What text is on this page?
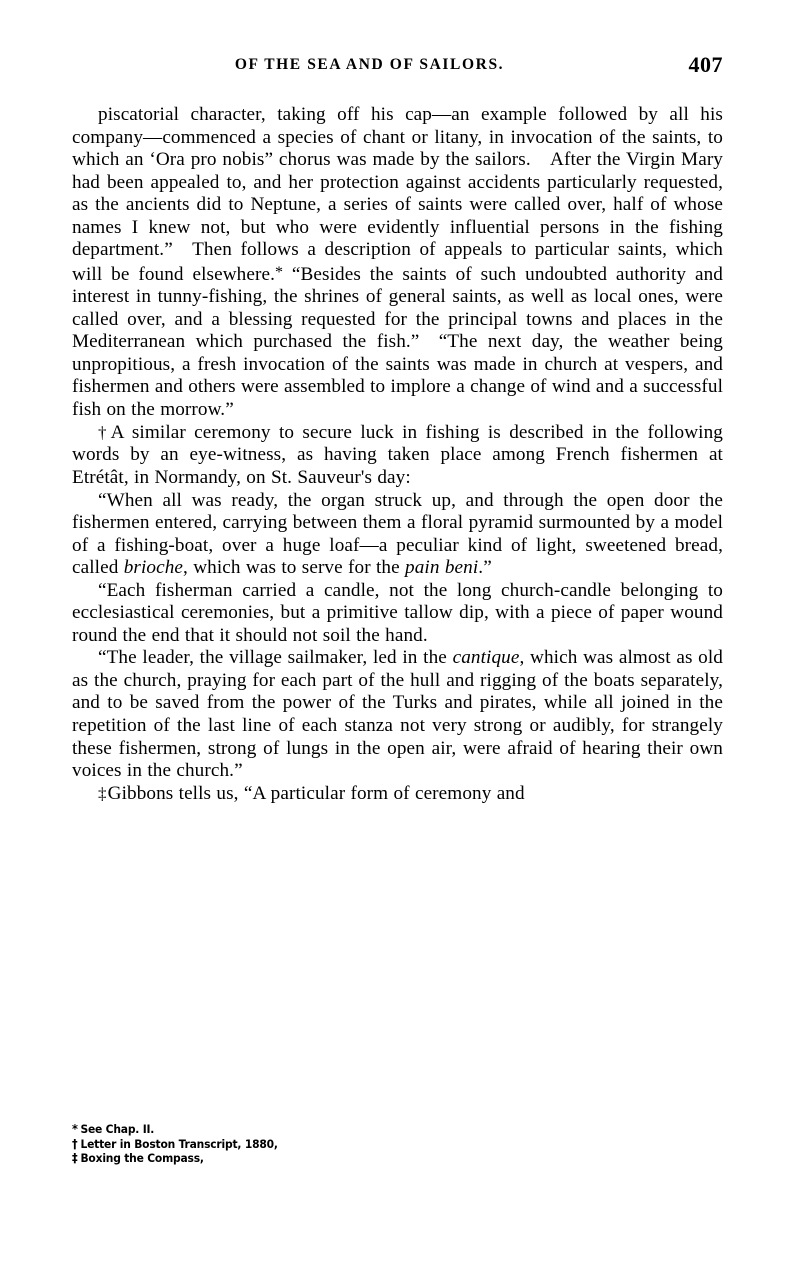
OF THE SEA AND OF SAILORS.	407

piscatorial character, taking off his cap—an example followed by all his company—commenced a species of chant or litany, in invocation of the saints, to which an ‘Ora pro nobis” chorus was made by the sailors. After the Virgin Mary had been appealed to, and her protection against accidents particularly requested, as the ancients did to Neptune, a series of saints were called over, half of whose names I knew not, but who were evidently influential persons in the fishing department.” Then follows a description of appeals to particular saints, which will be found elsewhere.* “Besides the saints of such undoubted authority and interest in tunny-fishing, the shrines of general saints, as well as local ones, were called over, and a blessing requested for the principal towns and places in the Mediterranean which purchased the fish.” “The next day, the weather being unpropitious, a fresh invocation of the saints was made in church at vespers, and fishermen and others were assembled to implore a change of wind and a successful fish on the morrow.”

†A similar ceremony to secure luck in fishing is described in the following words by an eye-witness, as having taken place among French fishermen at Etrétât, in Normandy, on St. Sauveur's day:

“When all was ready, the organ struck up, and through the open door the fishermen entered, carrying between them a floral pyramid surmounted by a model of a fishing-boat, over a huge loaf—a peculiar kind of light, sweetened bread, called brioche, which was to serve for the pain beni.”

“Each fisherman carried a candle, not the long church-candle belonging to ecclesiastical ceremonies, but a primitive tallow dip, with a piece of paper wound round the end that it should not soil the hand.

“The leader, the village sailmaker, led in the cantique, which was almost as old as the church, praying for each part of the hull and rigging of the boats separately, and to be saved from the power of the Turks and pirates, while all joined in the repetition of the last line of each stanza not very strong or audibly, for strangely these fishermen, strong of lungs in the open air, were afraid of hearing their own voices in the church.”

‡Gibbons tells us, “A particular form of ceremony and

* See Chap. II.

† Letter in Boston Transcript, 1880,

‡ Boxing the Compass,
